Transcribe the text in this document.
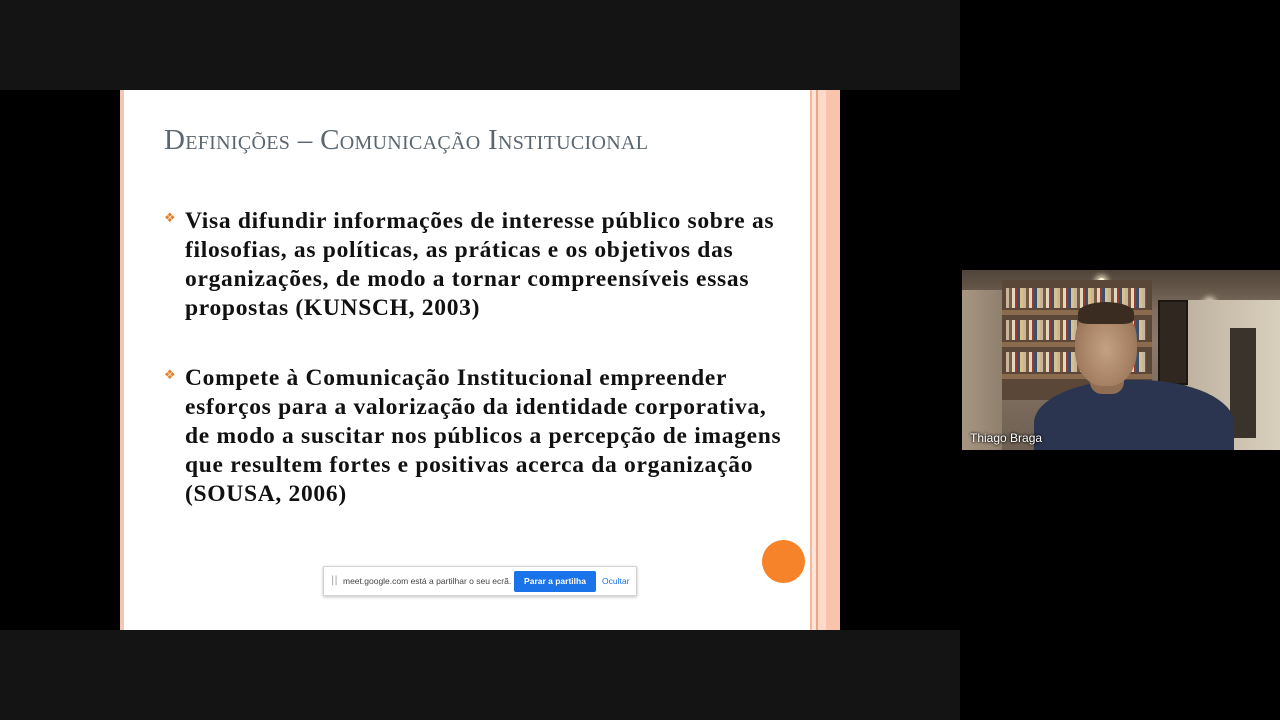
Definições – Comunicação Institucional
❖ Visa difundir informações de interesse público sobre as filosofias, as políticas, as práticas e os objetivos das organizações, de modo a tornar compreensíveis essas propostas (KUNSCH, 2003)
❖ Compete à Comunicação Institucional empreender esforços para a valorização da identidade corporativa, de modo a suscitar nos públicos a percepção de imagens que resultem fortes e positivas acerca da organização (SOUSA, 2006)
|| meet.google.com está a partilhar o seu ecrã.	Parar a partilha	Ocultar
Thiago Braga
